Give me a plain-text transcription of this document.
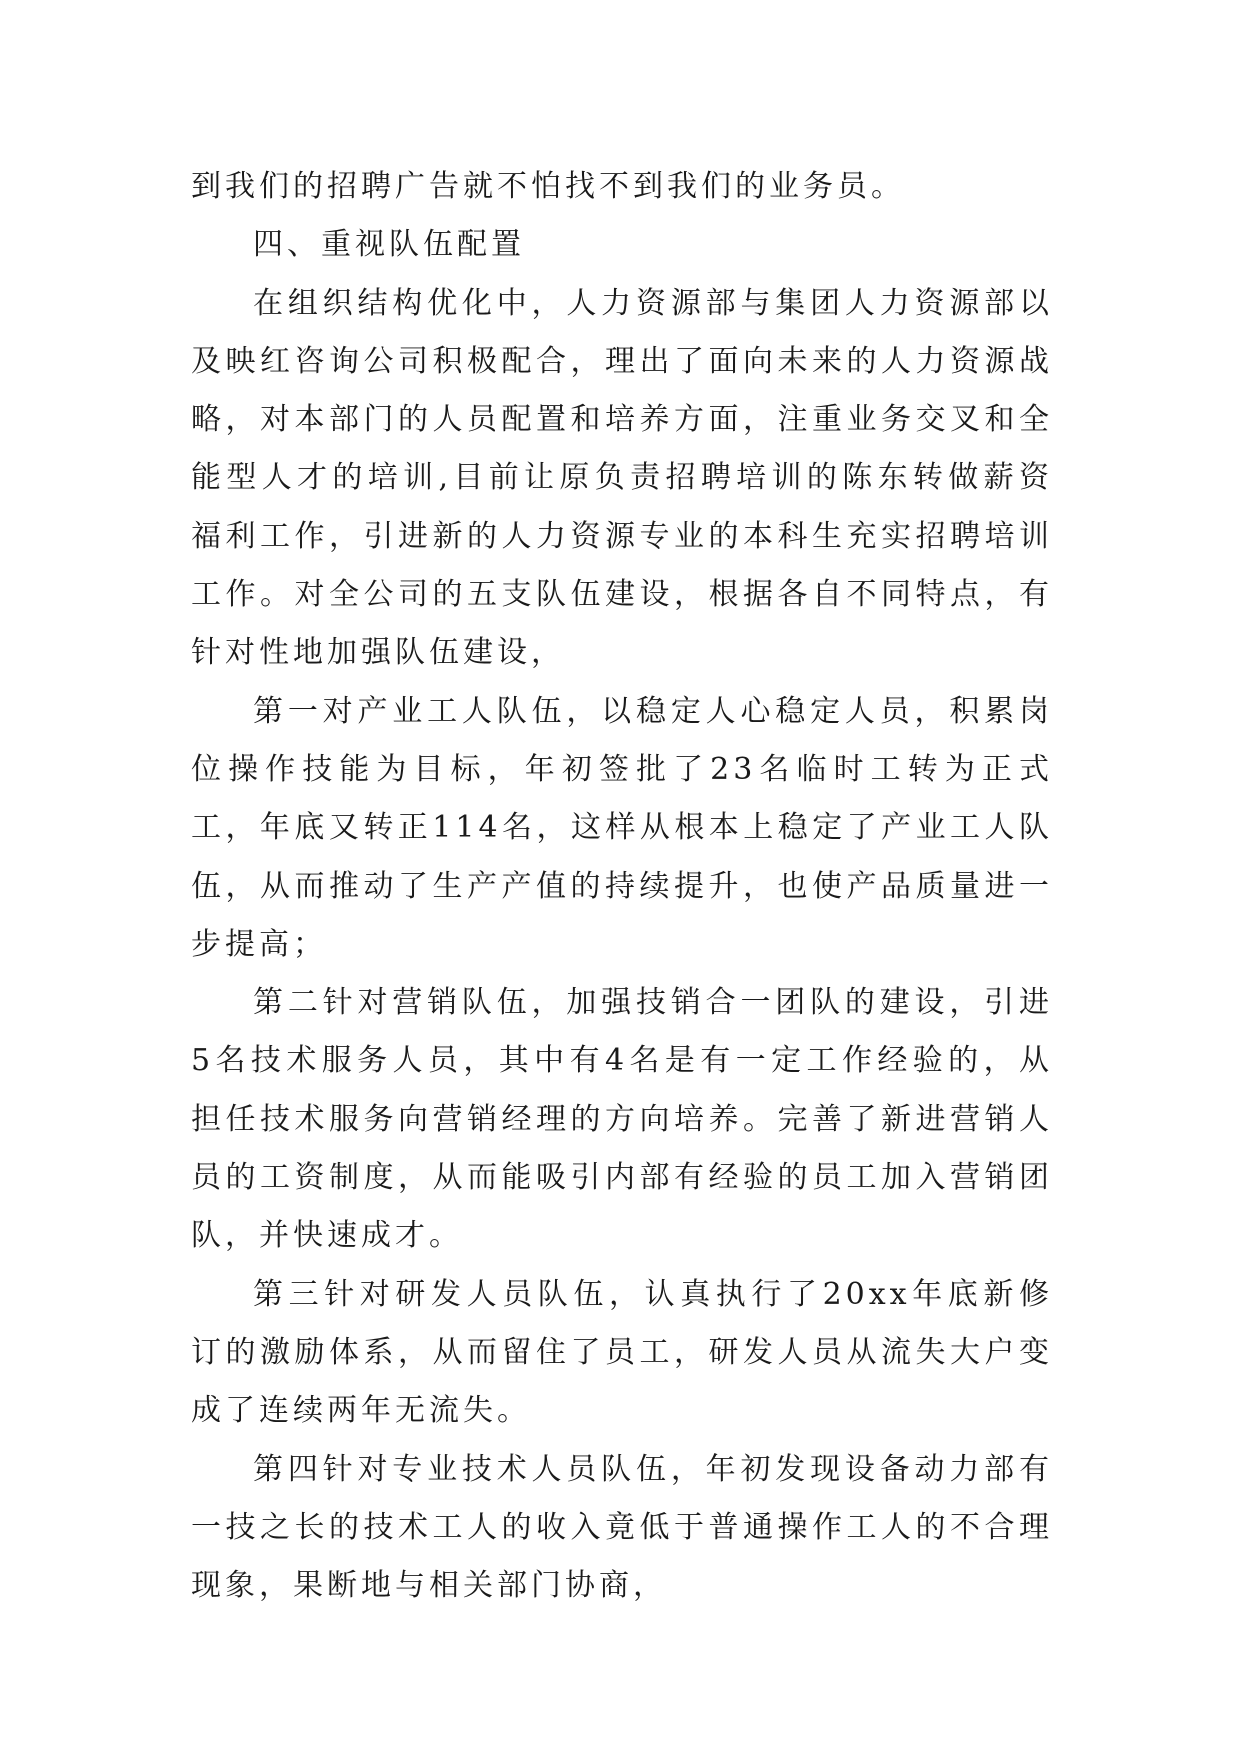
到我们的招聘广告就不怕找不到我们的业务员。

四、重视队伍配置

在组织结构优化中，人力资源部与集团人力资源部以及映红咨询公司积极配合，理出了面向未来的人力资源战略，对本部门的人员配置和培养方面，注重业务交叉和全能型人才的培训,目前让原负责招聘培训的陈东转做薪资福利工作，引进新的人力资源专业的本科生充实招聘培训工作。对全公司的五支队伍建设，根据各自不同特点，有针对性地加强队伍建设，

第一对产业工人队伍，以稳定人心稳定人员，积累岗位操作技能为目标，年初签批了23名临时工转为正式工，年底又转正114名，这样从根本上稳定了产业工人队伍，从而推动了生产产值的持续提升，也使产品质量进一步提高；

第二针对营销队伍，加强技销合一团队的建设，引进5名技术服务人员，其中有4名是有一定工作经验的，从担任技术服务向营销经理的方向培养。完善了新进营销人员的工资制度，从而能吸引内部有经验的员工加入营销团队，并快速成才。

第三针对研发人员队伍，认真执行了20xx年底新修订的激励体系，从而留住了员工，研发人员从流失大户变成了连续两年无流失。

第四针对专业技术人员队伍，年初发现设备动力部有一技之长的技术工人的收入竟低于普通操作工人的不合理现象，果断地与相关部门协商，
